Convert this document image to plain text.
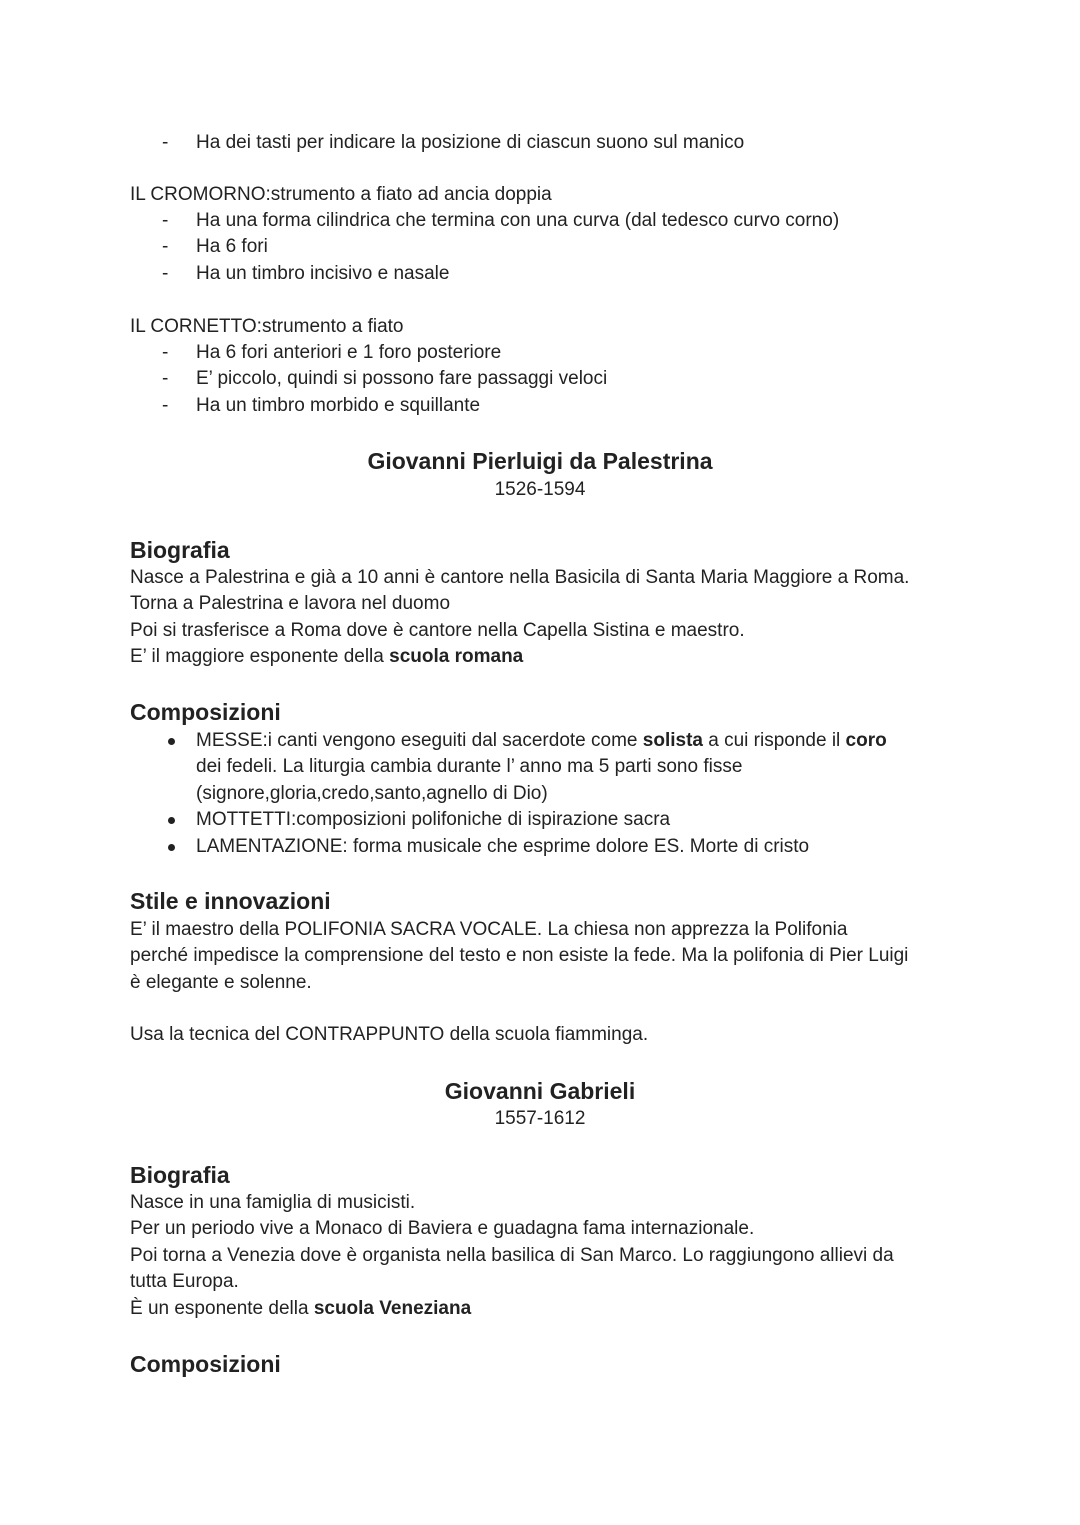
- Ha dei tasti per indicare la posizione di ciascun suono sul manico
IL CROMORNO:strumento a fiato ad ancia doppia
- Ha una forma cilindrica che termina con una curva (dal tedesco curvo corno)
- Ha 6 fori
- Ha un timbro incisivo e nasale
IL CORNETTO:strumento a fiato
- Ha 6 fori anteriori e 1 foro posteriore
- E’ piccolo, quindi si possono fare passaggi veloci
- Ha un timbro morbido e squillante
Giovanni Pierluigi da Palestrina
1526-1594
Biografia
Nasce a Palestrina e già a 10 anni è cantore nella Basicila di Santa Maria Maggiore a Roma.
Torna a Palestrina e lavora nel duomo
Poi si trasferisce a Roma dove è cantore nella Capella Sistina e maestro.
E’ il maggiore esponente della scuola romana
Composizioni
MESSE:i canti vengono eseguiti dal sacerdote come solista a cui risponde il coro
dei fedeli. La liturgia cambia durante l’ anno ma 5 parti sono fisse
(signore,gloria,credo,santo,agnello di Dio)
MOTTETTI:composizioni polifoniche di ispirazione sacra
LAMENTAZIONE: forma musicale che esprime dolore ES. Morte di cristo
Stile e innovazioni
E’ il maestro della POLIFONIA SACRA VOCALE. La chiesa non apprezza la Polifonia
perché impedisce la comprensione del testo e non esiste la fede. Ma la polifonia di Pier Luigi
è elegante e solenne.
Usa la tecnica del CONTRAPPUNTO della scuola fiamminga.
Giovanni Gabrieli
1557-1612
Biografia
Nasce in una famiglia di musicisti.
Per un periodo vive a Monaco di Baviera e guadagna fama internazionale.
Poi torna a Venezia dove è organista nella basilica di San Marco. Lo raggiungono allievi da
tutta Europa.
È un esponente della scuola Veneziana
Composizioni
